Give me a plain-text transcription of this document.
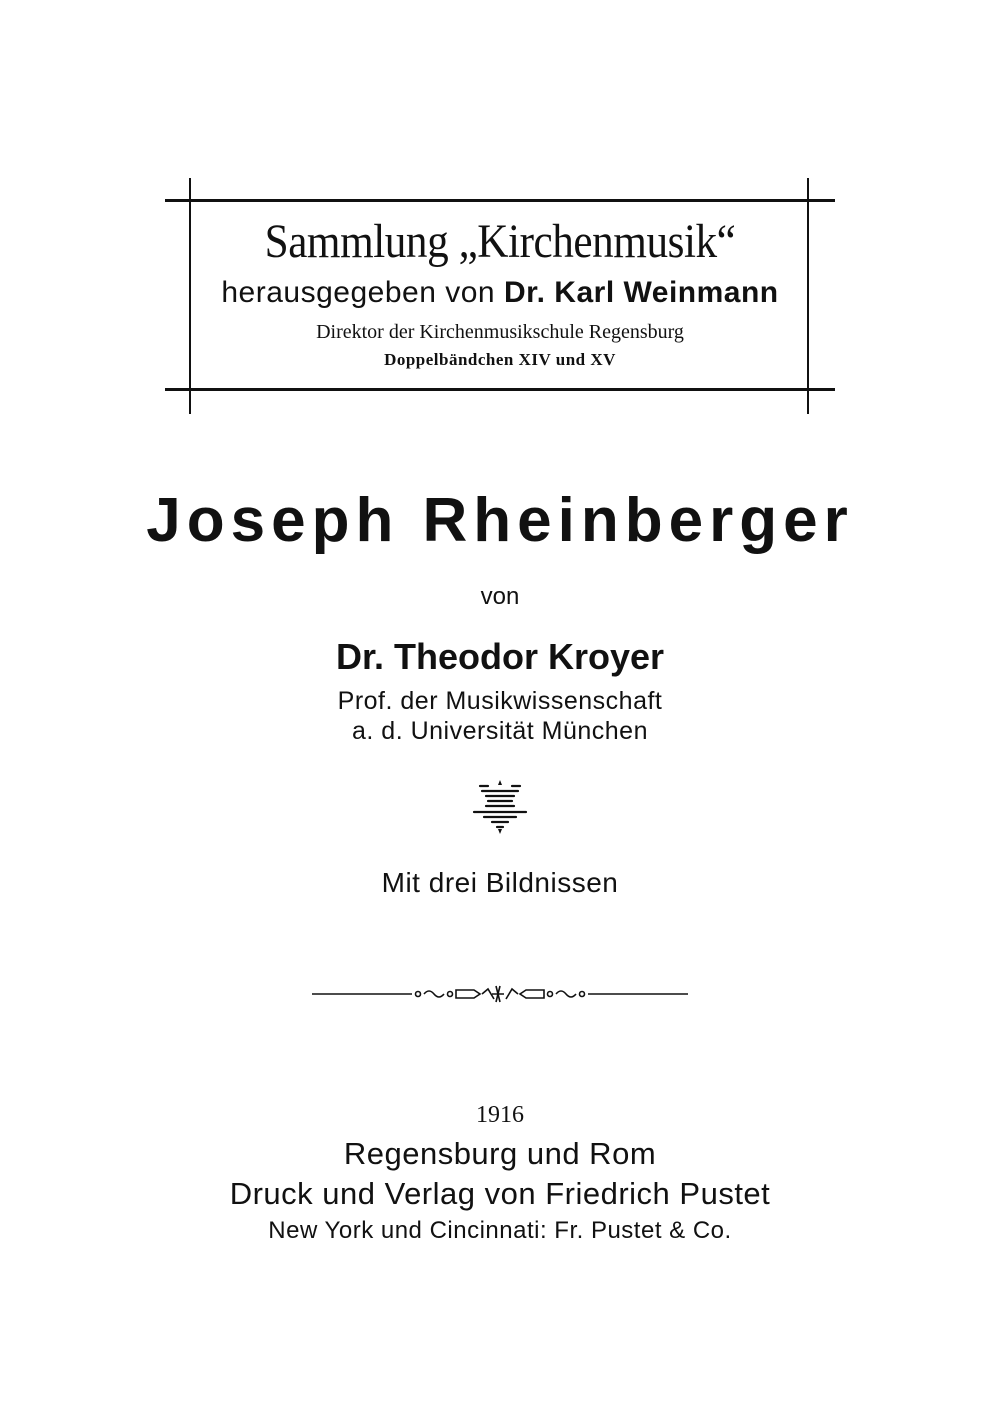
Sammlung „Kirchenmusik“
herausgegeben von Dr. Karl Weinmann
Direktor der Kirchenmusikschule Regensburg
Doppelbändchen XIV und XV
Joseph Rheinberger
von
Dr. Theodor Kroyer
Prof. der Musikwissenschaft
a. d. Universität München
Mit drei Bildnissen
1916
Regensburg und Rom
Druck und Verlag von Friedrich Pustet
New York und Cincinnati: Fr. Pustet & Co.
